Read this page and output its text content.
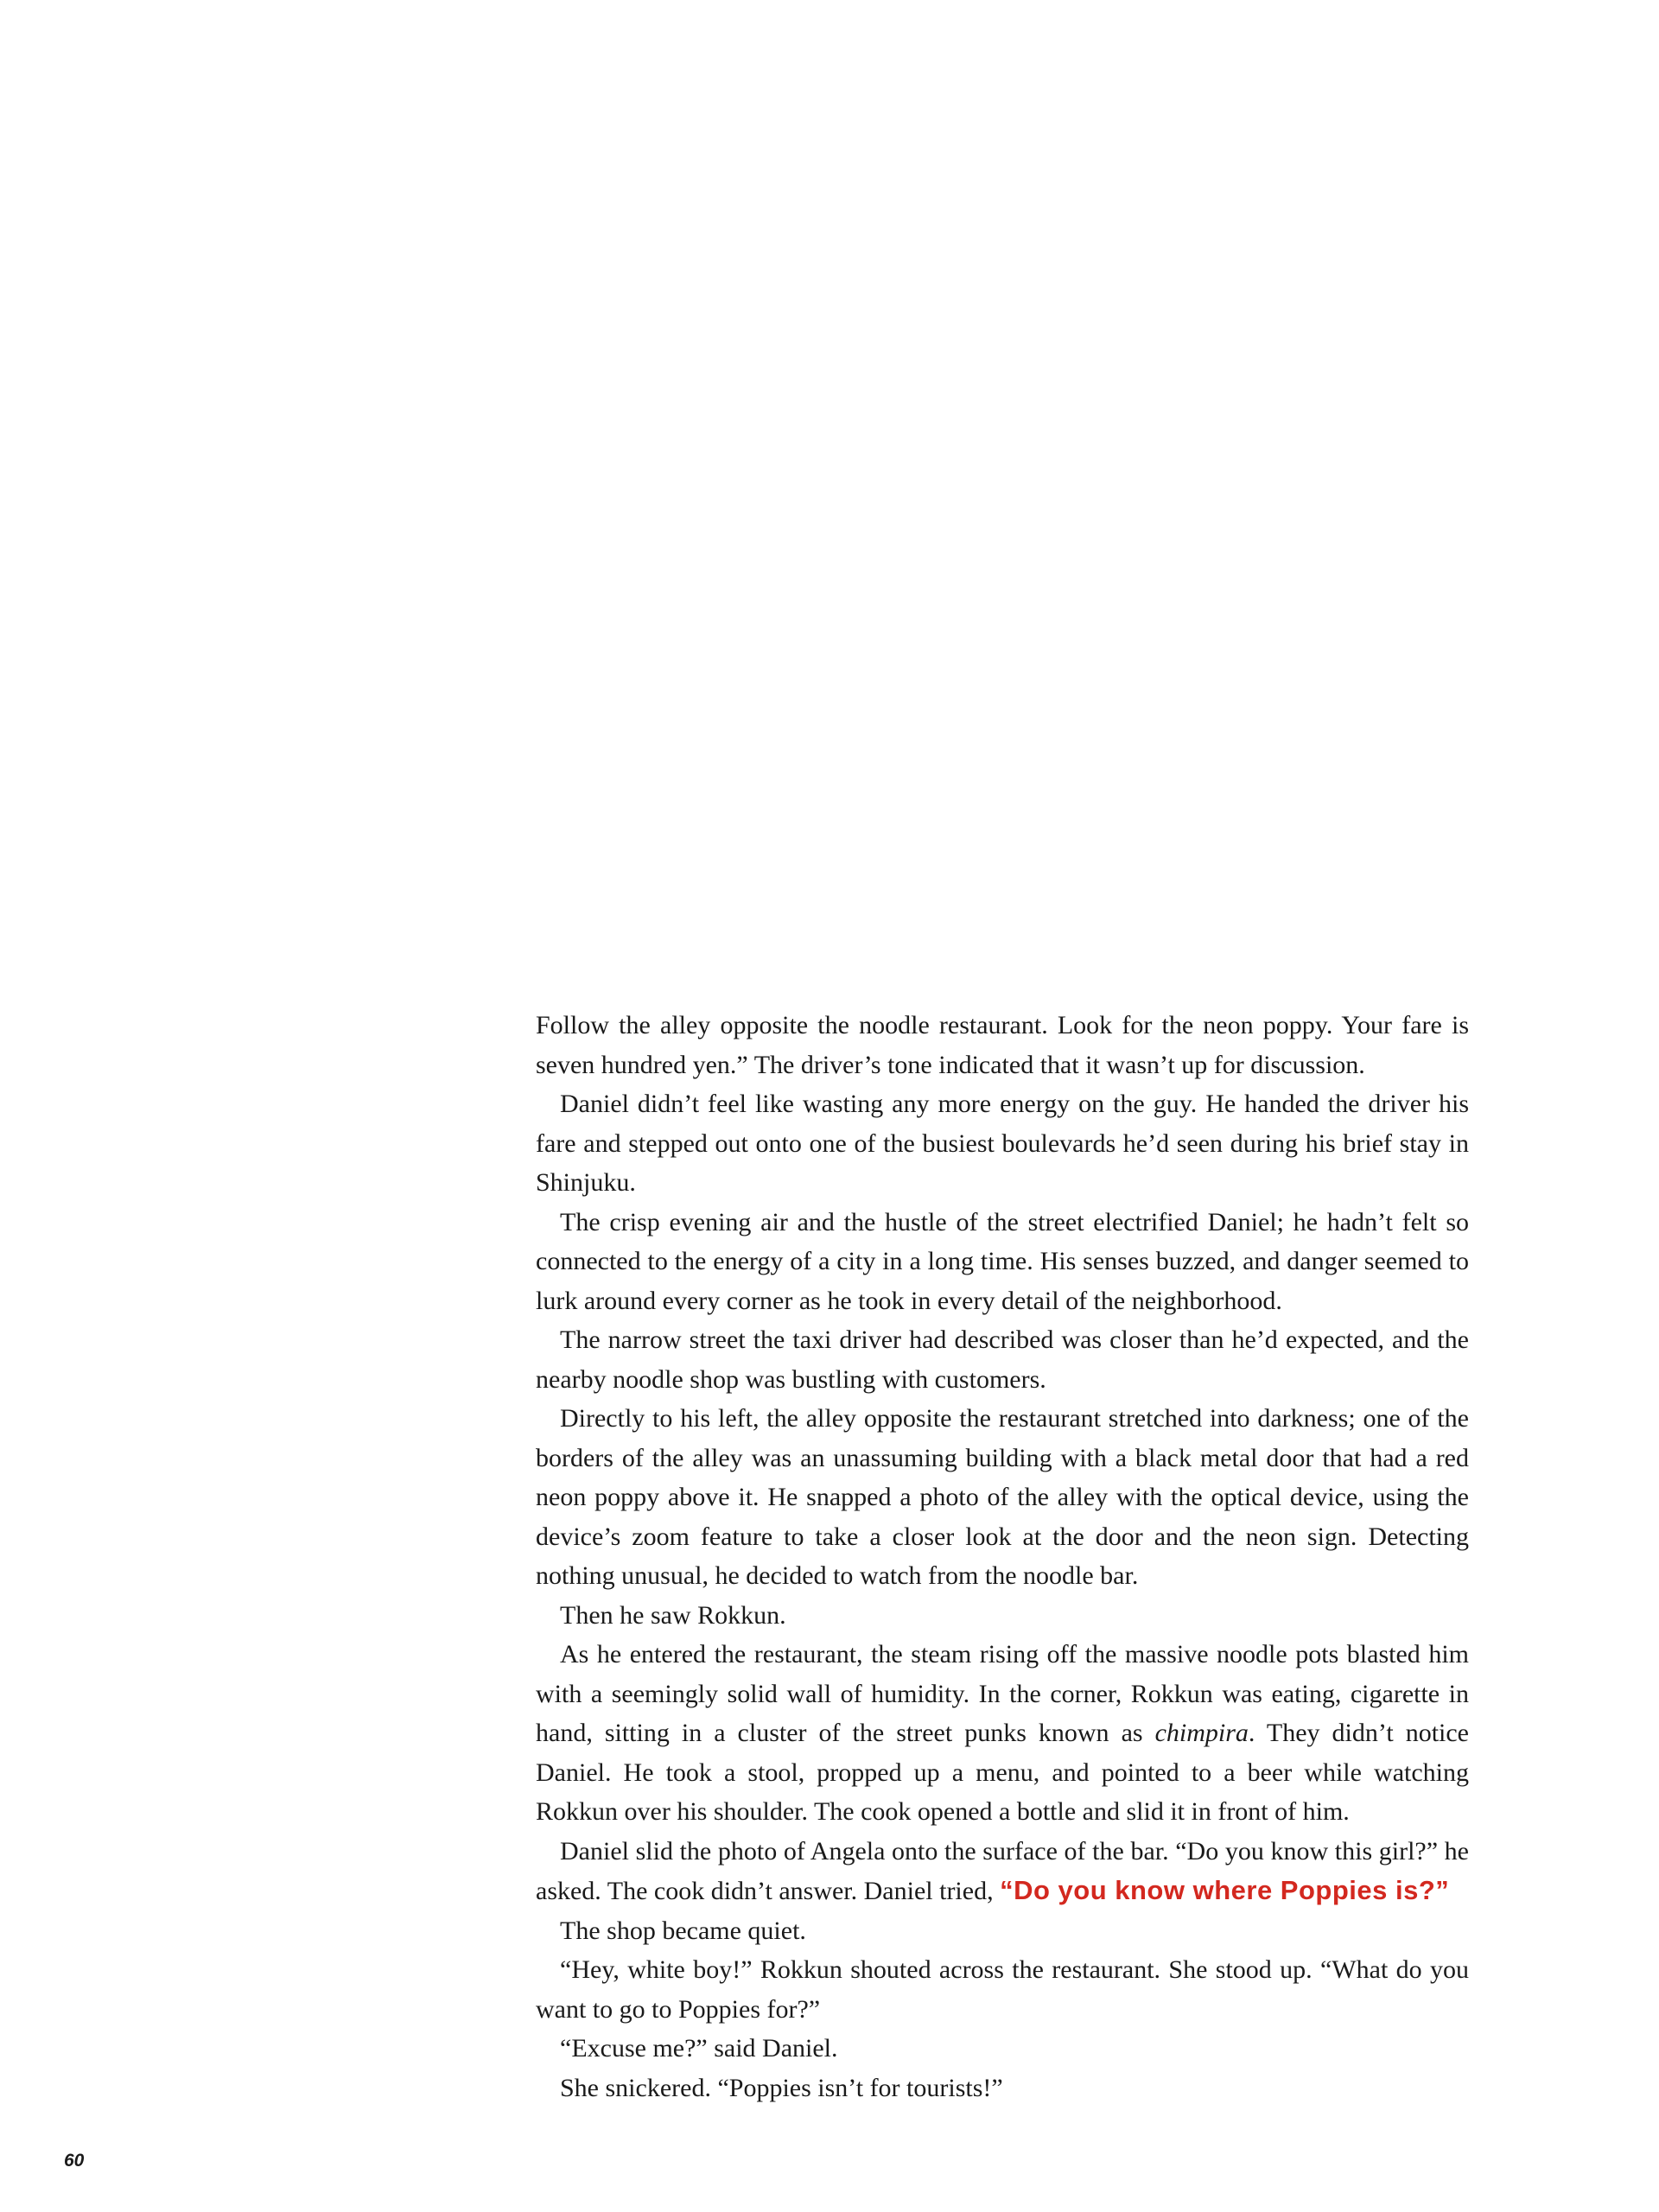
Follow the alley opposite the noodle restaurant. Look for the neon poppy. Your fare is seven hundred yen.” The driver’s tone indicated that it wasn’t up for discussion.

Daniel didn’t feel like wasting any more energy on the guy. He handed the driver his fare and stepped out onto one of the busiest boulevards he’d seen during his brief stay in Shinjuku.

The crisp evening air and the hustle of the street electrified Daniel; he hadn’t felt so connected to the energy of a city in a long time. His senses buzzed, and danger seemed to lurk around every corner as he took in every detail of the neighborhood.

The narrow street the taxi driver had described was closer than he’d expected, and the nearby noodle shop was bustling with customers.

Directly to his left, the alley opposite the restaurant stretched into darkness; one of the borders of the alley was an unassuming building with a black metal door that had a red neon poppy above it. He snapped a photo of the alley with the optical device, using the device’s zoom feature to take a closer look at the door and the neon sign. Detecting nothing unusual, he decided to watch from the noodle bar.

Then he saw Rokkun.

As he entered the restaurant, the steam rising off the massive noodle pots blasted him with a seemingly solid wall of humidity. In the corner, Rokkun was eating, cigarette in hand, sitting in a cluster of the street punks known as chimpira. They didn’t notice Daniel. He took a stool, propped up a menu, and pointed to a beer while watching Rokkun over his shoulder. The cook opened a bottle and slid it in front of him.

Daniel slid the photo of Angela onto the surface of the bar. “Do you know this girl?” he asked. The cook didn’t answer. Daniel tried, “Do you know where Poppies is?”

The shop became quiet.

“Hey, white boy!” Rokkun shouted across the restaurant. She stood up. “What do you want to go to Poppies for?”

“Excuse me?” said Daniel.

She snickered. “Poppies isn’t for tourists!”

60
